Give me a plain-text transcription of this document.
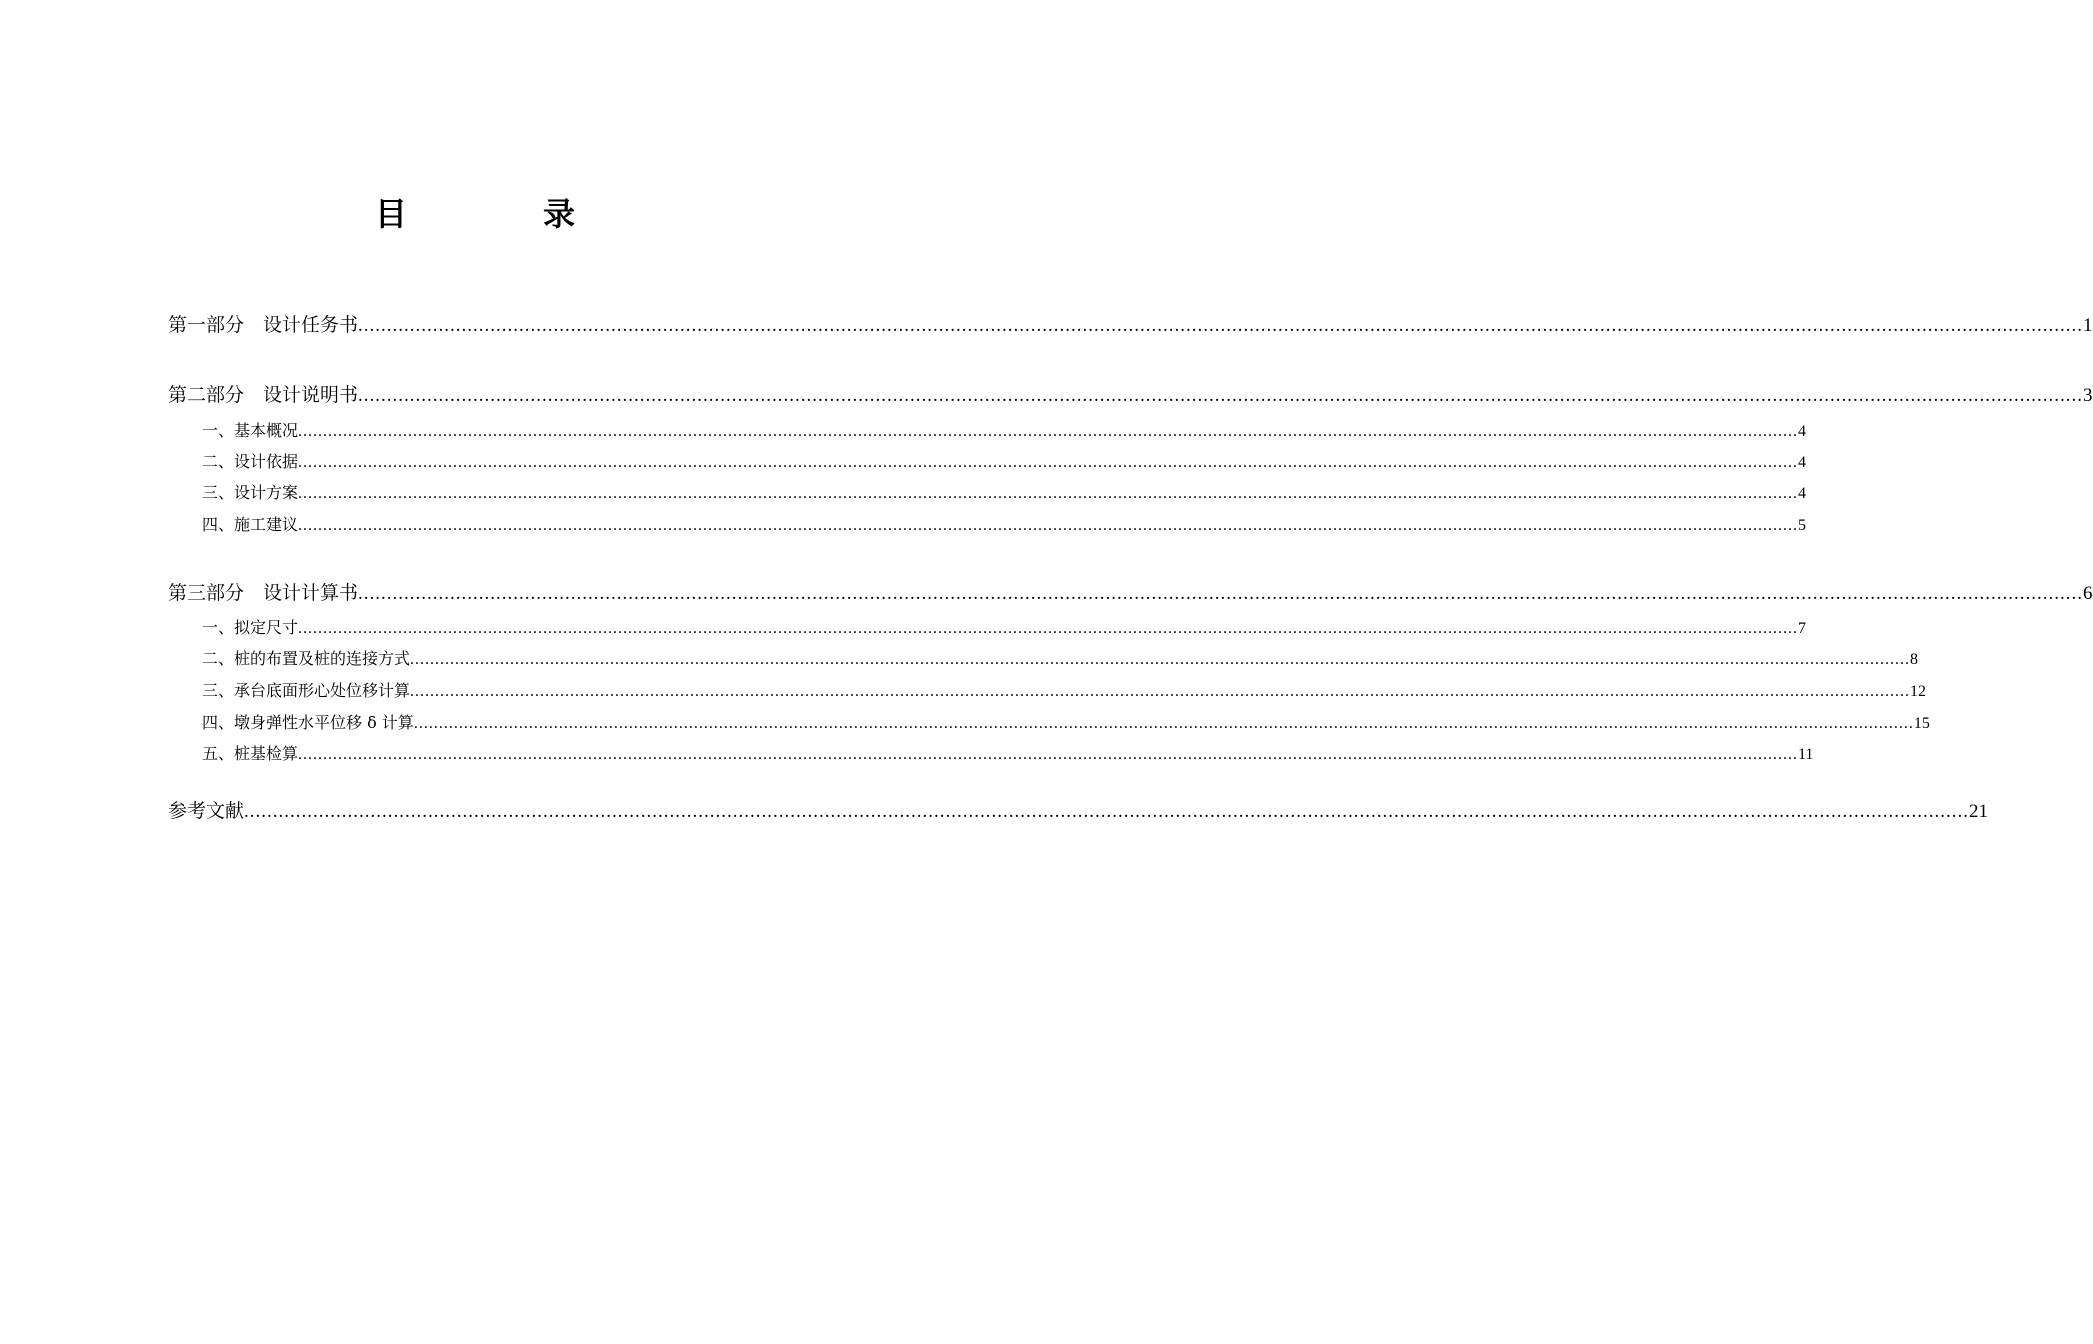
目　录
第一部分　设计任务书 ............................................................................................................................................................................................................................................................................................................ 1
第二部分　设计说明书 ............................................................................................................................................................................................................................................................................................................ 3
一、基本概况 ............................................................................................................................................................................................................................................................................................................ 4
二、设计依据 ............................................................................................................................................................................................................................................................................................................ 4
三、设计方案 ............................................................................................................................................................................................................................................................................................................ 4
四、施工建议 ............................................................................................................................................................................................................................................................................................................ 5
第三部分　设计计算书 ............................................................................................................................................................................................................................................................................................................ 6
一、拟定尺寸 ............................................................................................................................................................................................................................................................................................................ 7
二、桩的布置及桩的连接方式 ............................................................................................................................................................................................................................................................................................................ 8
三、承台底面形心处位移计算 ............................................................................................................................................................................................................................................................................................................ 12
四、墩身弹性水平位移 δ 计算 ............................................................................................................................................................................................................................................................................................................ 15
五、桩基检算 ............................................................................................................................................................................................................................................................................................................ 11
参考文献 ............................................................................................................................................................................................................................................................................................................ 21
